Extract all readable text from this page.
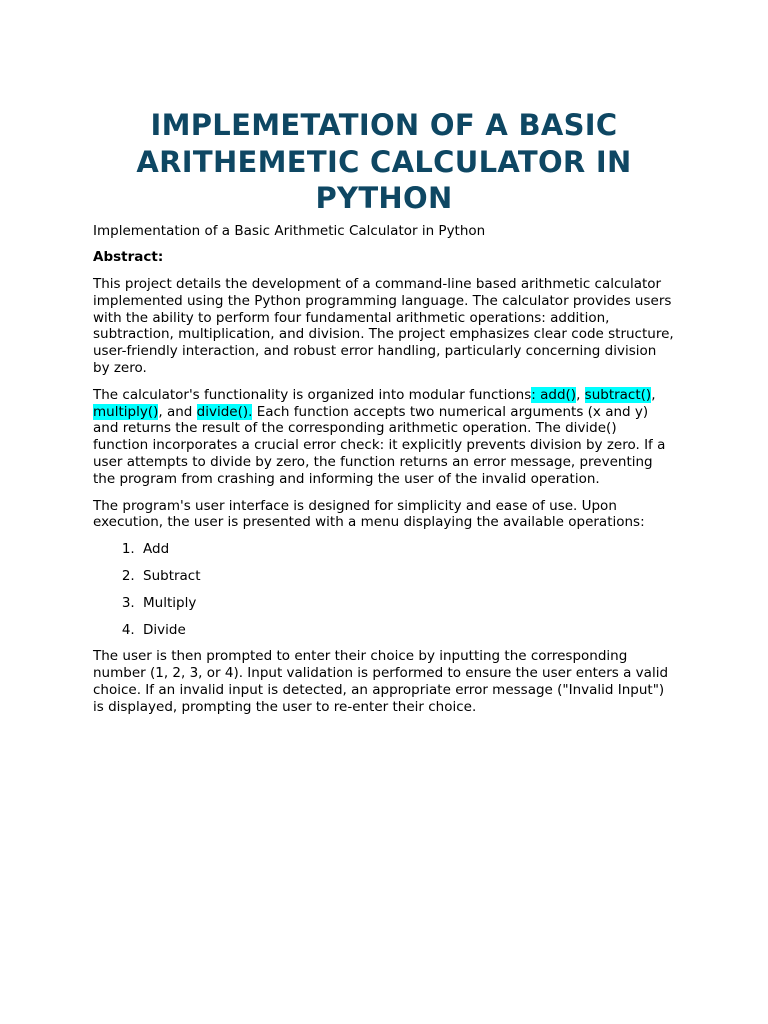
IMPLEMETATION OF A BASIC
ARITHEMETIC CALCULATOR IN
PYTHON

Implementation of a Basic Arithmetic Calculator in Python

Abstract:

This project details the development of a command-line based arithmetic calculator implemented using the Python programming language. The calculator provides users with the ability to perform four fundamental arithmetic operations: addition, subtraction, multiplication, and division. The project emphasizes clear code structure, user-friendly interaction, and robust error handling, particularly concerning division by zero.

The calculator's functionality is organized into modular functions: add(), subtract(), multiply(), and divide(). Each function accepts two numerical arguments (x and y) and returns the result of the corresponding arithmetic operation. The divide() function incorporates a crucial error check: it explicitly prevents division by zero. If a user attempts to divide by zero, the function returns an error message, preventing the program from crashing and informing the user of the invalid operation.

The program's user interface is designed for simplicity and ease of use. Upon execution, the user is presented with a menu displaying the available operations:

1. Add
2. Subtract
3. Multiply
4. Divide

The user is then prompted to enter their choice by inputting the corresponding number (1, 2, 3, or 4). Input validation is performed to ensure the user enters a valid choice. If an invalid input is detected, an appropriate error message ("Invalid Input") is displayed, prompting the user to re-enter their choice.
